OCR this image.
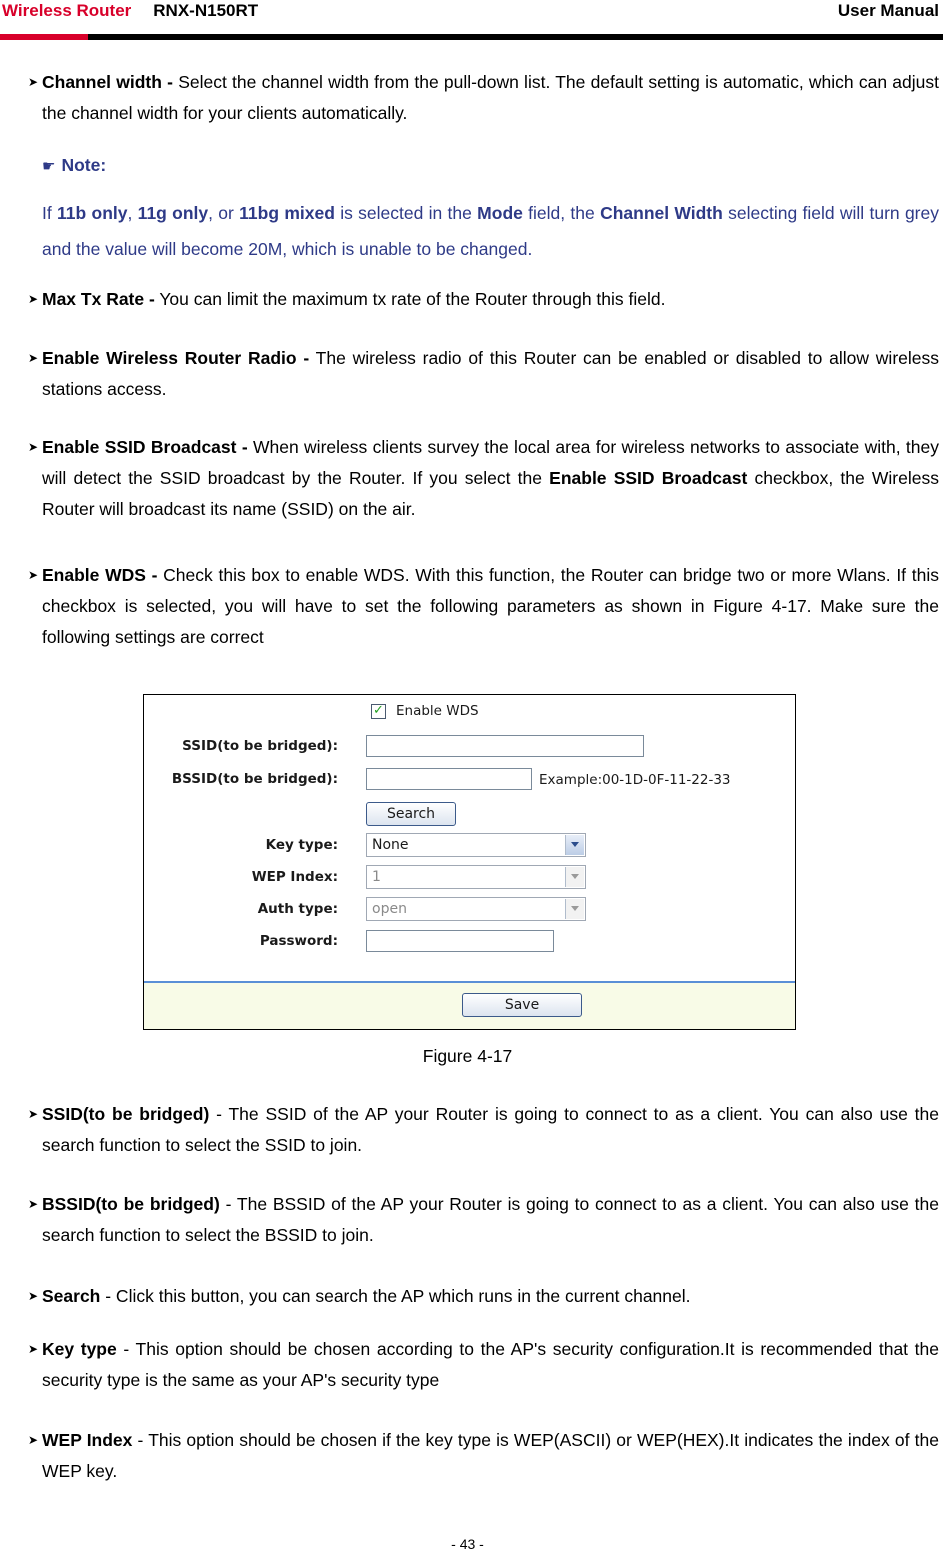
Wireless Router RNX-N150RT	User Manual
➤ Channel width - Select the channel width from the pull-down list. The default setting is automatic, which can adjust the channel width for your clients automatically.
☛ Note:
If 11b only, 11g only, or 11bg mixed is selected in the Mode field, the Channel Width selecting field will turn grey and the value will become 20M, which is unable to be changed.
➤ Max Tx Rate - You can limit the maximum tx rate of the Router through this field.
➤ Enable Wireless Router Radio - The wireless radio of this Router can be enabled or disabled to allow wireless stations access.
➤ Enable SSID Broadcast - When wireless clients survey the local area for wireless networks to associate with, they will detect the SSID broadcast by the Router. If you select the Enable SSID Broadcast checkbox, the Wireless Router will broadcast its name (SSID) on the air.
➤ Enable WDS - Check this box to enable WDS. With this function, the Router can bridge two or more Wlans. If this checkbox is selected, you will have to set the following parameters as shown in Figure 4-17. Make sure the following settings are correct
✓ Enable WDS
SSID(to be bridged):
BSSID(to be bridged):	Example:00-1D-0F-11-22-33
Search
Key type: None
WEP Index: 1
Auth type: open
Password:
Save
Figure 4-17
➤ SSID(to be bridged) - The SSID of the AP your Router is going to connect to as a client. You can also use the search function to select the SSID to join.
➤ BSSID(to be bridged) - The BSSID of the AP your Router is going to connect to as a client. You can also use the search function to select the BSSID to join.
➤ Search - Click this button, you can search the AP which runs in the current channel.
➤ Key type - This option should be chosen according to the AP's security configuration.It is recommended that the security type is the same as your AP's security type
➤ WEP Index - This option should be chosen if the key type is WEP(ASCII) or WEP(HEX).It indicates the index of the WEP key.
- 43 -
